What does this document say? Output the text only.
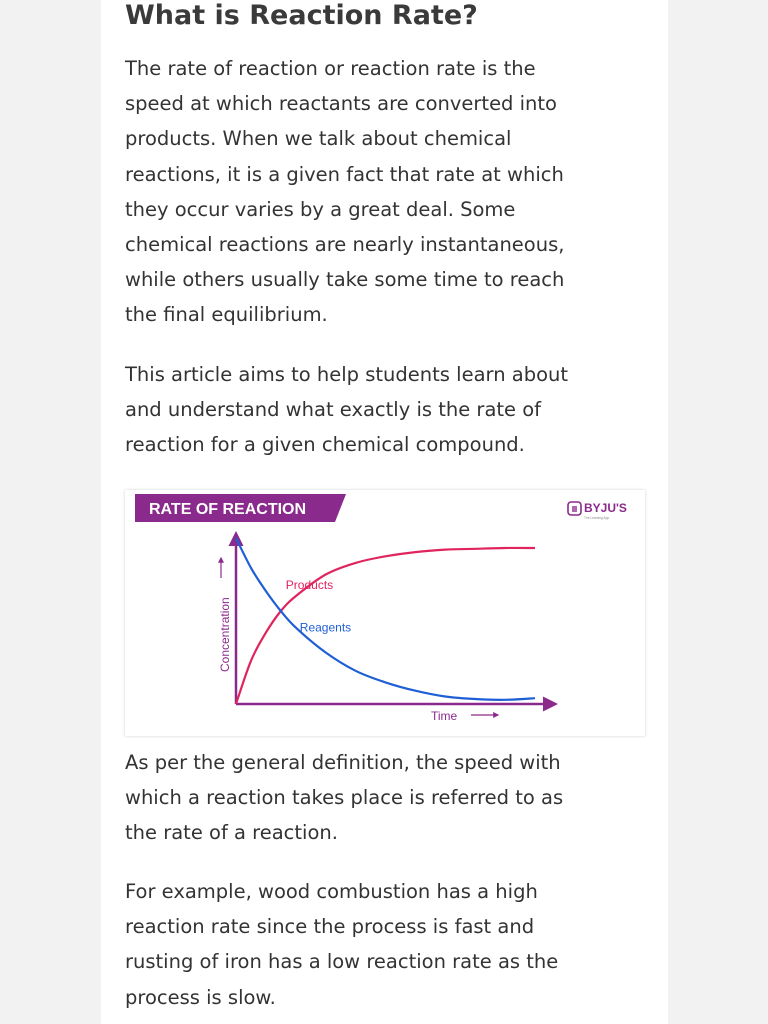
What is Reaction Rate?

The rate of reaction or reaction rate is the
speed at which reactants are converted into
products. When we talk about chemical
reactions, it is a given fact that rate at which
they occur varies by a great deal. Some
chemical reactions are nearly instantaneous,
while others usually take some time to reach
the final equilibrium.

This article aims to help students learn about
and understand what exactly is the rate of
reaction for a given chemical compound.

RATE OF REACTION	BYJU'S
The Learning App
Concentration
Time
Products
Reagents

As per the general definition, the speed with
which a reaction takes place is referred to as
the rate of a reaction.

For example, wood combustion has a high
reaction rate since the process is fast and
rusting of iron has a low reaction rate as the
process is slow.
